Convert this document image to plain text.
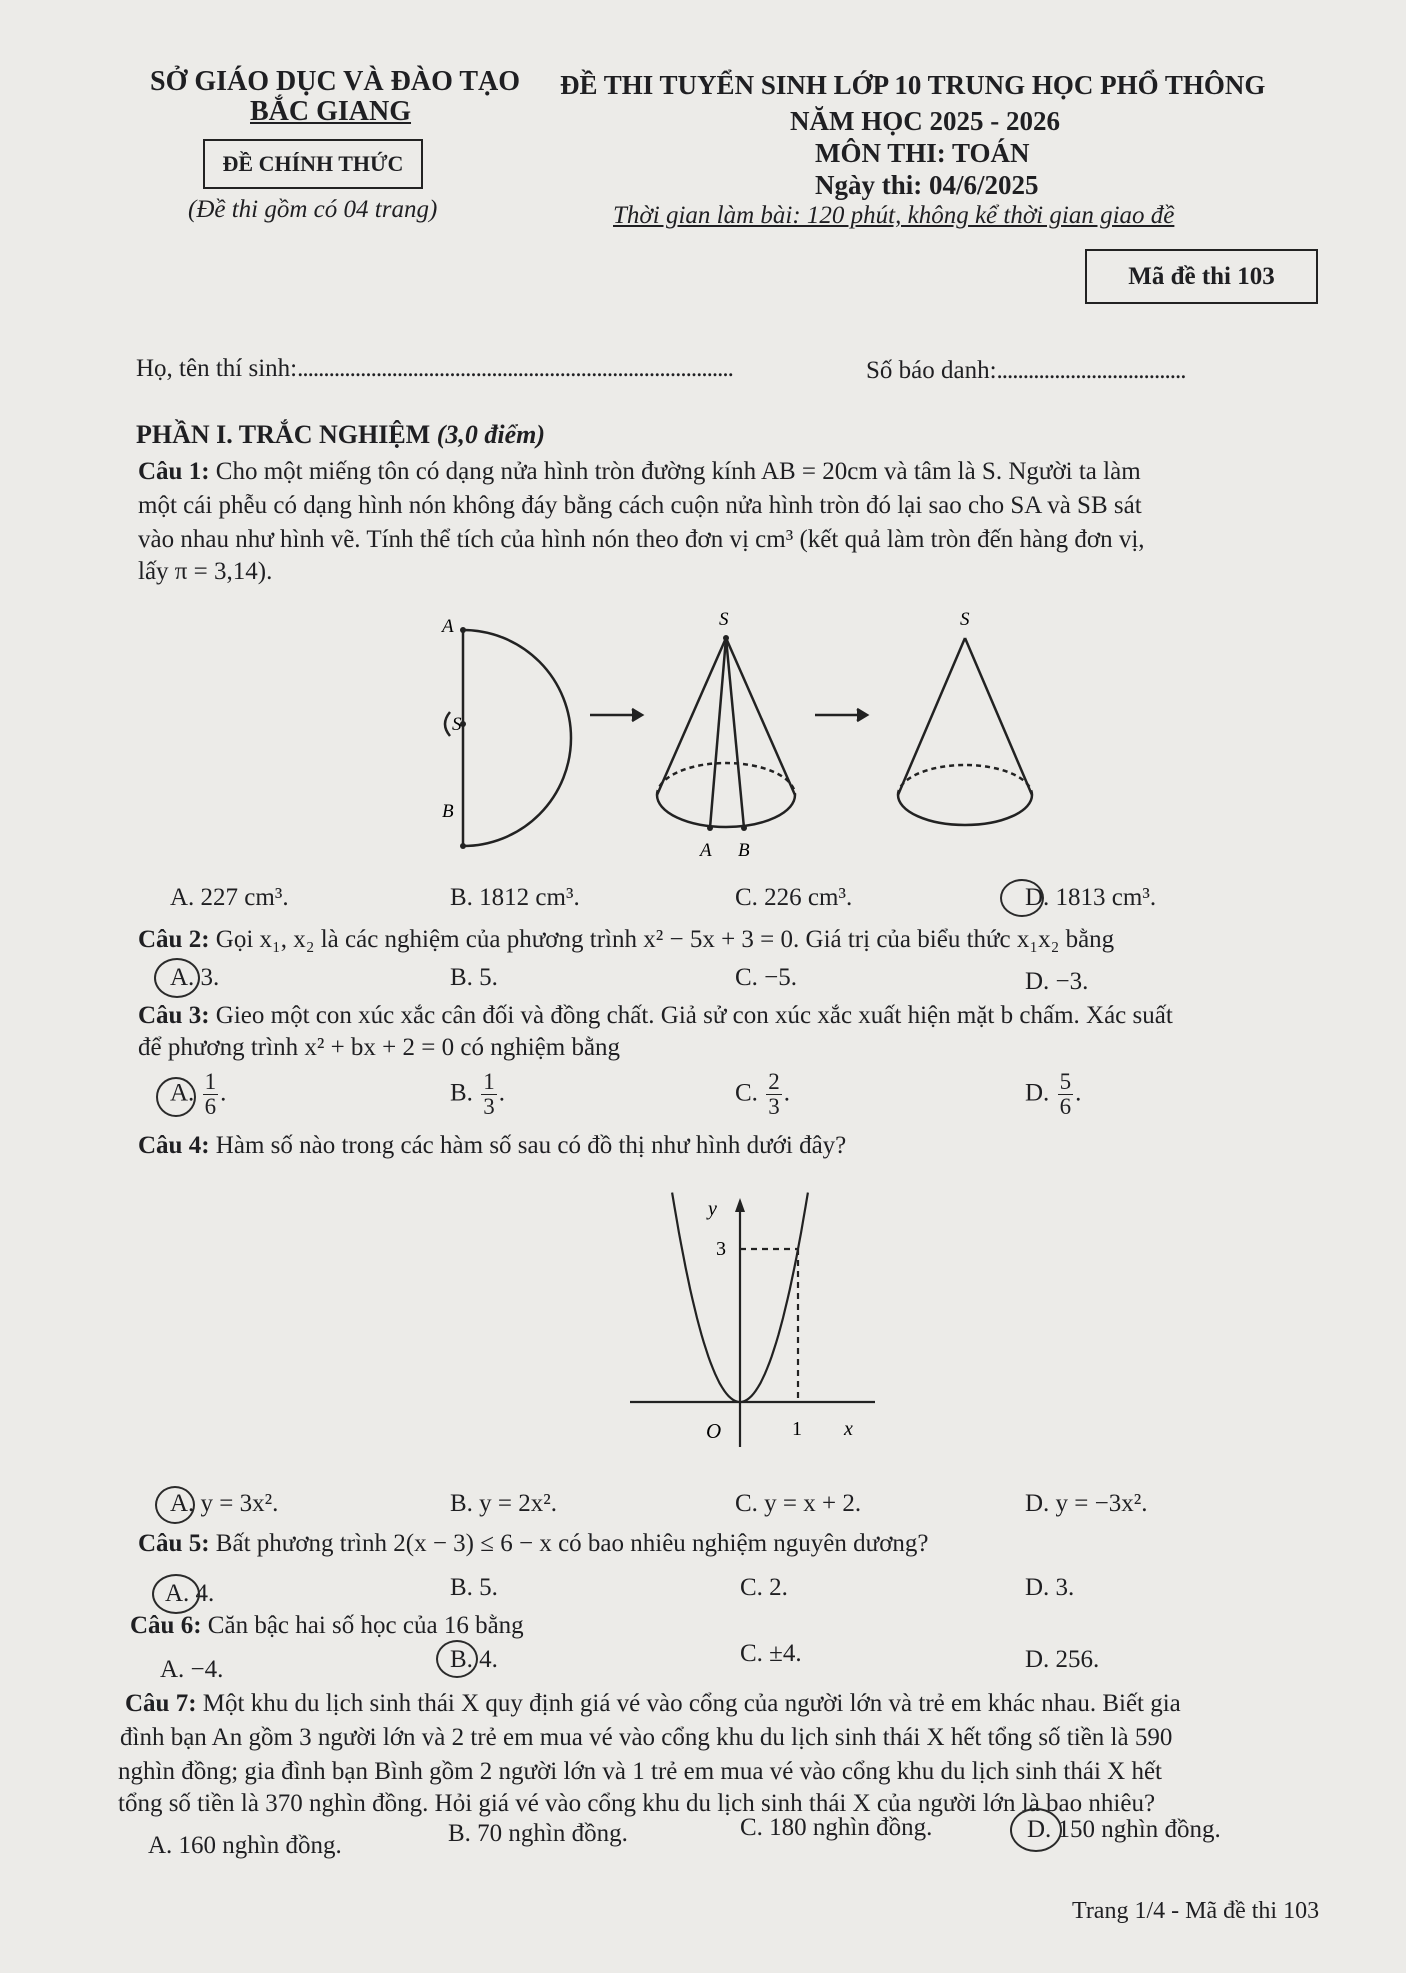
SỞ GIÁO DỤC VÀ ĐÀO TẠO
BẮC GIANG
ĐỀ CHÍNH THỨC
(Đề thi gồm có 04 trang)
ĐỀ THI TUYỂN SINH LỚP 10 TRUNG HỌC PHỔ THÔNG
NĂM HỌC 2025 - 2026
MÔN THI: TOÁN
Ngày thi: 04/6/2025
Thời gian làm bài: 120 phút, không kể thời gian giao đề
Mã đề thi 103
Họ, tên thí sinh:...................................................................................	Số báo danh:....................................
PHẦN I. TRẮC NGHIỆM (3,0 điểm)
Câu 1: Cho một miếng tôn có dạng nửa hình tròn đường kính AB = 20cm và tâm là S. Người ta làm
một cái phễu có dạng hình nón không đáy bằng cách cuộn nửa hình tròn đó lại sao cho SA và SB sát
vào nhau như hình vẽ. Tính thể tích của hình nón theo đơn vị cm³ (kết quả làm tròn đến hàng đơn vị,
lấy π = 3,14).
A
S
B
S
A B
S
A. 227 cm³.	B. 1812 cm³.	C. 226 cm³.	D. 1813 cm³.
Câu 2: Gọi x₁, x₂ là các nghiệm của phương trình x² − 5x + 3 = 0. Giá trị của biểu thức x₁x₂ bằng
A. 3.	B. 5.	C. −5.	D. −3.
Câu 3: Gieo một con xúc xắc cân đối và đồng chất. Giả sử con xúc xắc xuất hiện mặt b chấm. Xác suất
để phương trình x² + bx + 2 = 0 có nghiệm bằng
A. $\frac{1}{6}$ .	B. $\frac{1}{3}$ .	C. $\frac{2}{3}$ .	D. $\frac{5}{6}$ .
Câu 4: Hàm số nào trong các hàm số sau có đồ thị như hình dưới đây?
y
3
O	1 x
A. y = 3x².	B. y = 2x².	C. y = x + 2.	D. y = −3x².
Câu 5: Bất phương trình 2(x − 3) ≤ 6 − x có bao nhiêu nghiệm nguyên dương?
A. 4.	B. 5.	C. 2.	D. 3.
Câu 6: Căn bậc hai số học của 16 bằng
A. −4.	B. 4.	C. ±4.	D. 256.
Câu 7: Một khu du lịch sinh thái X quy định giá vé vào cổng của người lớn và trẻ em khác nhau. Biết gia
đình bạn An gồm 3 người lớn và 2 trẻ em mua vé vào cổng khu du lịch sinh thái X hết tổng số tiền là 590
nghìn đồng; gia đình bạn Bình gồm 2 người lớn và 1 trẻ em mua vé vào cổng khu du lịch sinh thái X hết
tổng số tiền là 370 nghìn đồng. Hỏi giá vé vào cổng khu du lịch sinh thái X của người lớn là bao nhiêu?
A. 160 nghìn đồng.	B. 70 nghìn đồng.	C. 180 nghìn đồng.	D. 150 nghìn đồng.
Trang 1/4 - Mã đề thi 103
